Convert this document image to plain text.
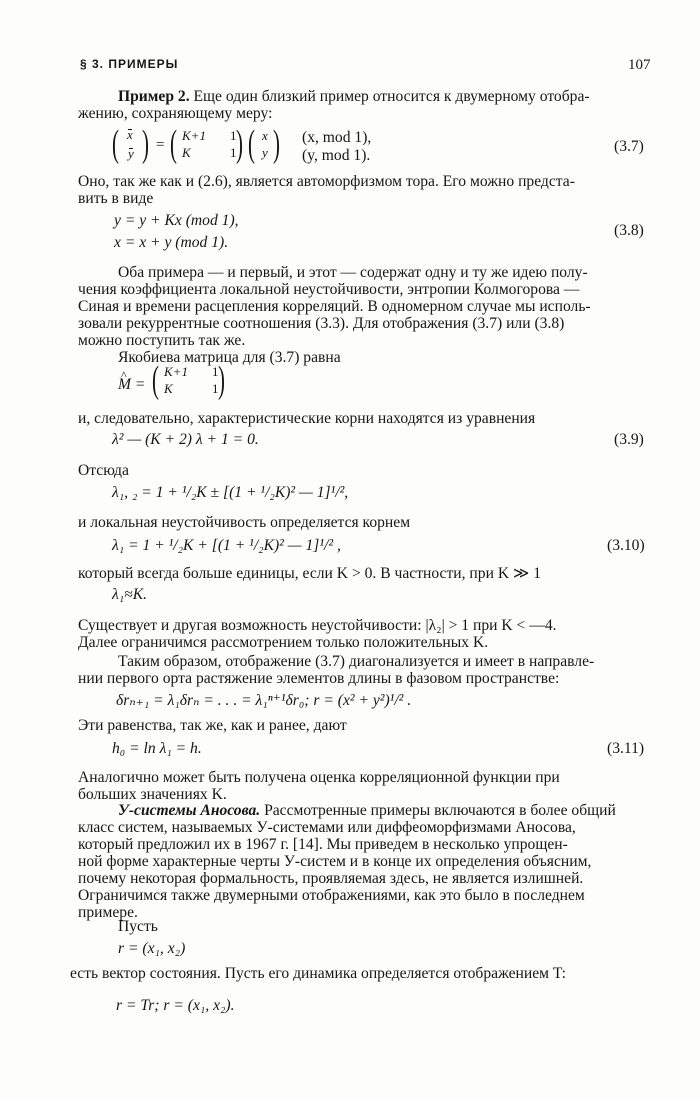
§ 3. ПРИМЕРЫ	107
Пример 2. Еще один близкий пример относится к двумерному отобра-
жению, сохраняющему меру:
( x
y ) = ( K+1 1
K	1 ) ( x
y ) (x, mod 1),
(y, mod 1).
(3.7)
Оно, так же как и (2.6), является автоморфизмом тора. Его можно предста-
вить в виде
y = y + Kx (mod 1),
x = x + y (mod 1).
(3.8)
Оба примера — и первый, и этот — содержат одну и ту же идею полу-
чения коэффициента локальной неустойчивости, энтропии Колмогорова —
Синая и времени расцепления корреляций. В одномерном случае мы исполь-
зовали рекуррентные соотношения (3.3). Для отображения (3.7) или (3.8)
можно поступить так же.
Якобиева матрица для (3.7) равна
^ M = ( K+1 1
K	1 )
и, следовательно, характеристические корни находятся из уравнения
λ² — (K + 2) λ + 1 = 0.	(3.9)
Отсюда
λ₁, ₂ = 1 + ¹/₂K ± [(1 + ¹/₂K)² — 1]¹/²,
и локальная неустойчивость определяется корнем
λ₁ = 1 + ¹/₂K + [(1 + ¹/₂K)² — 1]¹/² ,	(3.10)
который всегда больше единицы, если K > 0. В частности, при K ≫ 1
λ₁≈K.
Существует и другая возможность неустойчивости: |λ₂| > 1 при K < —4.
Далее ограничимся рассмотрением только положительных K.
Таким образом, отображение (3.7) диагонализуется и имеет в направле-
нии первого орта растяжение элементов длины в фазовом пространстве:
δrₙ₊₁ = λ₁δrₙ = . . . = λ₁ⁿ⁺¹δr₀; r = (x² + y²)¹/² .
Эти равенства, так же, как и ранее, дают
h₀ = ln λ₁ = h.	(3.11)
Аналогично может быть получена оценка корреляционной функции при
больших значениях K.
У-системы Аносова. Рассмотренные примеры включаются в более общий
класс систем, называемых У-системами или диффеоморфизмами Аносова,
который предложил их в 1967 г. [14]. Мы приведем в несколько упрощен-
ной форме характерные черты У-систем и в конце их определения объясним,
почему некоторая формальность, проявляемая здесь, не является излишней.
Ограничимся также двумерными отображениями, как это было в последнем
примере.
Пусть
r = (x₁, x₂)
есть вектор состояния. Пусть его динамика определяется отображением T:
r = Tr; r = (x₁, x₂).
